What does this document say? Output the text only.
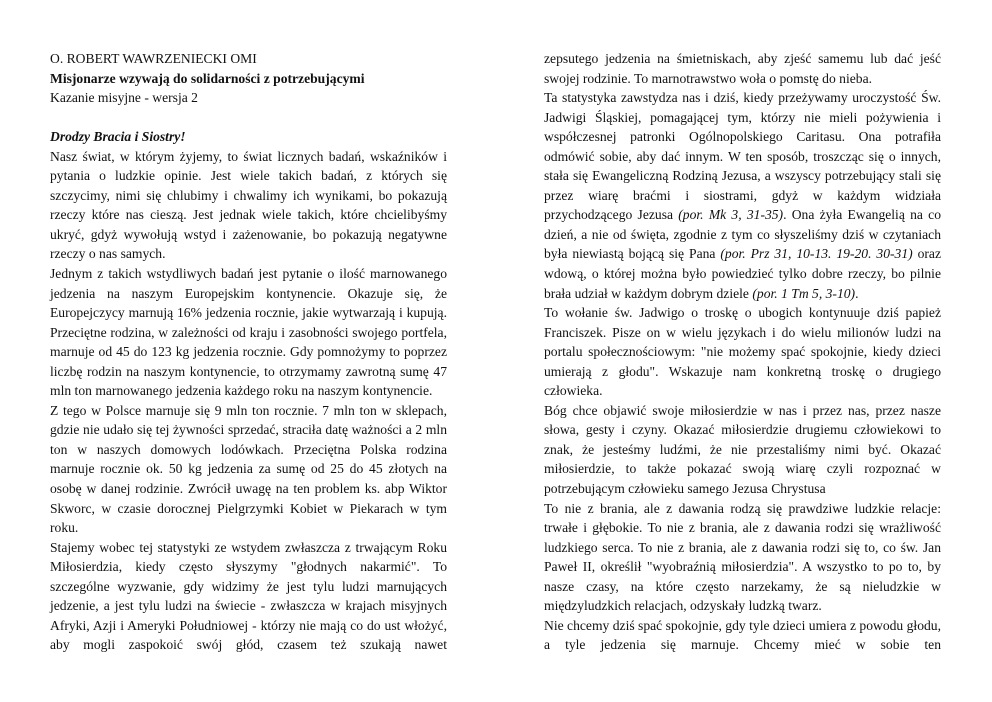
O. ROBERT WAWRZENIECKI OMI

Misjonarze wzywają do solidarności z potrzebującymi

Kazanie misyjne - wersja 2

Drodzy Bracia i Siostry!

Nasz świat, w którym żyjemy, to świat licznych badań, wskaźników i pytania o ludzkie opinie. Jest wiele takich badań, z których się szczycimy, nimi się chlubimy i chwalimy ich wynikami, bo pokazują rzeczy które nas cieszą. Jest jednak wiele takich, które chcielibyśmy ukryć, gdyż wywołują wstyd i zażenowanie, bo pokazują negatywne rzeczy o nas samych.

Jednym z takich wstydliwych badań jest pytanie o ilość marnowanego jedzenia na naszym Europejskim kontynencie. Okazuje się, że Europejczycy marnują 16% jedzenia rocznie, jakie wytwarzają i kupują. Przeciętne rodzina, w zależności od kraju i zasobności swojego portfela, marnuje od 45 do 123 kg jedzenia rocznie. Gdy pomnożymy to poprzez liczbę rodzin na naszym kontynencie, to otrzymamy zawrotną sumę 47 mln ton marnowanego jedzenia każdego roku na naszym kontynencie.

Z tego w Polsce marnuje się 9 mln ton rocznie. 7 mln ton w sklepach, gdzie nie udało się tej żywności sprzedać, straciła datę ważności a 2 mln ton w naszych domowych lodówkach. Przeciętna Polska rodzina marnuje rocznie ok. 50 kg jedzenia za sumę od 25 do 45 złotych na osobę w danej rodzinie. Zwrócił uwagę na ten problem ks. abp Wiktor Skworc, w czasie dorocznej Pielgrzymki Kobiet w Piekarach w tym roku.

Stajemy wobec tej statystyki ze wstydem zwłaszcza z trwającym Roku Miłosierdzia, kiedy często słyszymy "głodnych nakarmić". To szczególne wyzwanie, gdy widzimy że jest tylu ludzi marnujących jedzenie, a jest tylu ludzi na świecie - zwłaszcza w krajach misyjnych Afryki, Azji i Ameryki Południowej - którzy nie mają co do ust włożyć, aby mogli zaspokoić swój głód, czasem też szukają nawet

zepsutego jedzenia na śmietniskach, aby zjeść samemu lub dać jeść swojej rodzinie. To marnotrawstwo woła o pomstę do nieba.

Ta statystyka zawstydza nas i dziś, kiedy przeżywamy uroczystość Św. Jadwigi Śląskiej, pomagającej tym, którzy nie mieli pożywienia i współczesnej patronki Ogólnopolskiego Caritasu. Ona potrafiła odmówić sobie, aby dać innym. W ten sposób, troszcząc się o innych, stała się Ewangeliczną Rodziną Jezusa, a wszyscy potrzebujący stali się przez wiarę braćmi i siostrami, gdyż w każdym widziała przychodzącego Jezusa (por. Mk 3, 31-35). Ona żyła Ewangelią na co dzień, a nie od święta, zgodnie z tym co słyszeliśmy dziś w czytaniach była niewiastą bojącą się Pana (por. Prz 31, 10-13. 19-20. 30-31) oraz wdową, o której można było powiedzieć tylko dobre rzeczy, bo pilnie brała udział w każdym dobrym dziele (por. 1 Tm 5, 3-10).

To wołanie św. Jadwigo o troskę o ubogich kontynuuje dziś papież Franciszek. Pisze on w wielu językach i do wielu milionów ludzi na portalu społecznościowym: "nie możemy spać spokojnie, kiedy dzieci umierają z głodu". Wskazuje nam konkretną troskę o drugiego człowieka.

Bóg chce objawić swoje miłosierdzie w nas i przez nas, przez nasze słowa, gesty i czyny. Okazać miłosierdzie drugiemu człowiekowi to znak, że jesteśmy ludźmi, że nie przestaliśmy nimi być. Okazać miłosierdzie, to także pokazać swoją wiarę czyli rozpoznać w potrzebującym człowieku samego Jezusa Chrystusa

To nie z brania, ale z dawania rodzą się prawdziwe ludzkie relacje: trwałe i głębokie. To nie z brania, ale z dawania rodzi się wrażliwość ludzkiego serca. To nie z brania, ale z dawania rodzi się to, co św. Jan Paweł II, określił "wyobraźnią miłosierdzia". A wszystko to po to, by nasze czasy, na które często narzekamy, że są nieludzkie w międzyludzkich relacjach, odzyskały ludzką twarz.

Nie chcemy dziś spać spokojnie, gdy tyle dzieci umiera z powodu głodu, a tyle jedzenia się marnuje. Chcemy mieć w sobie ten
